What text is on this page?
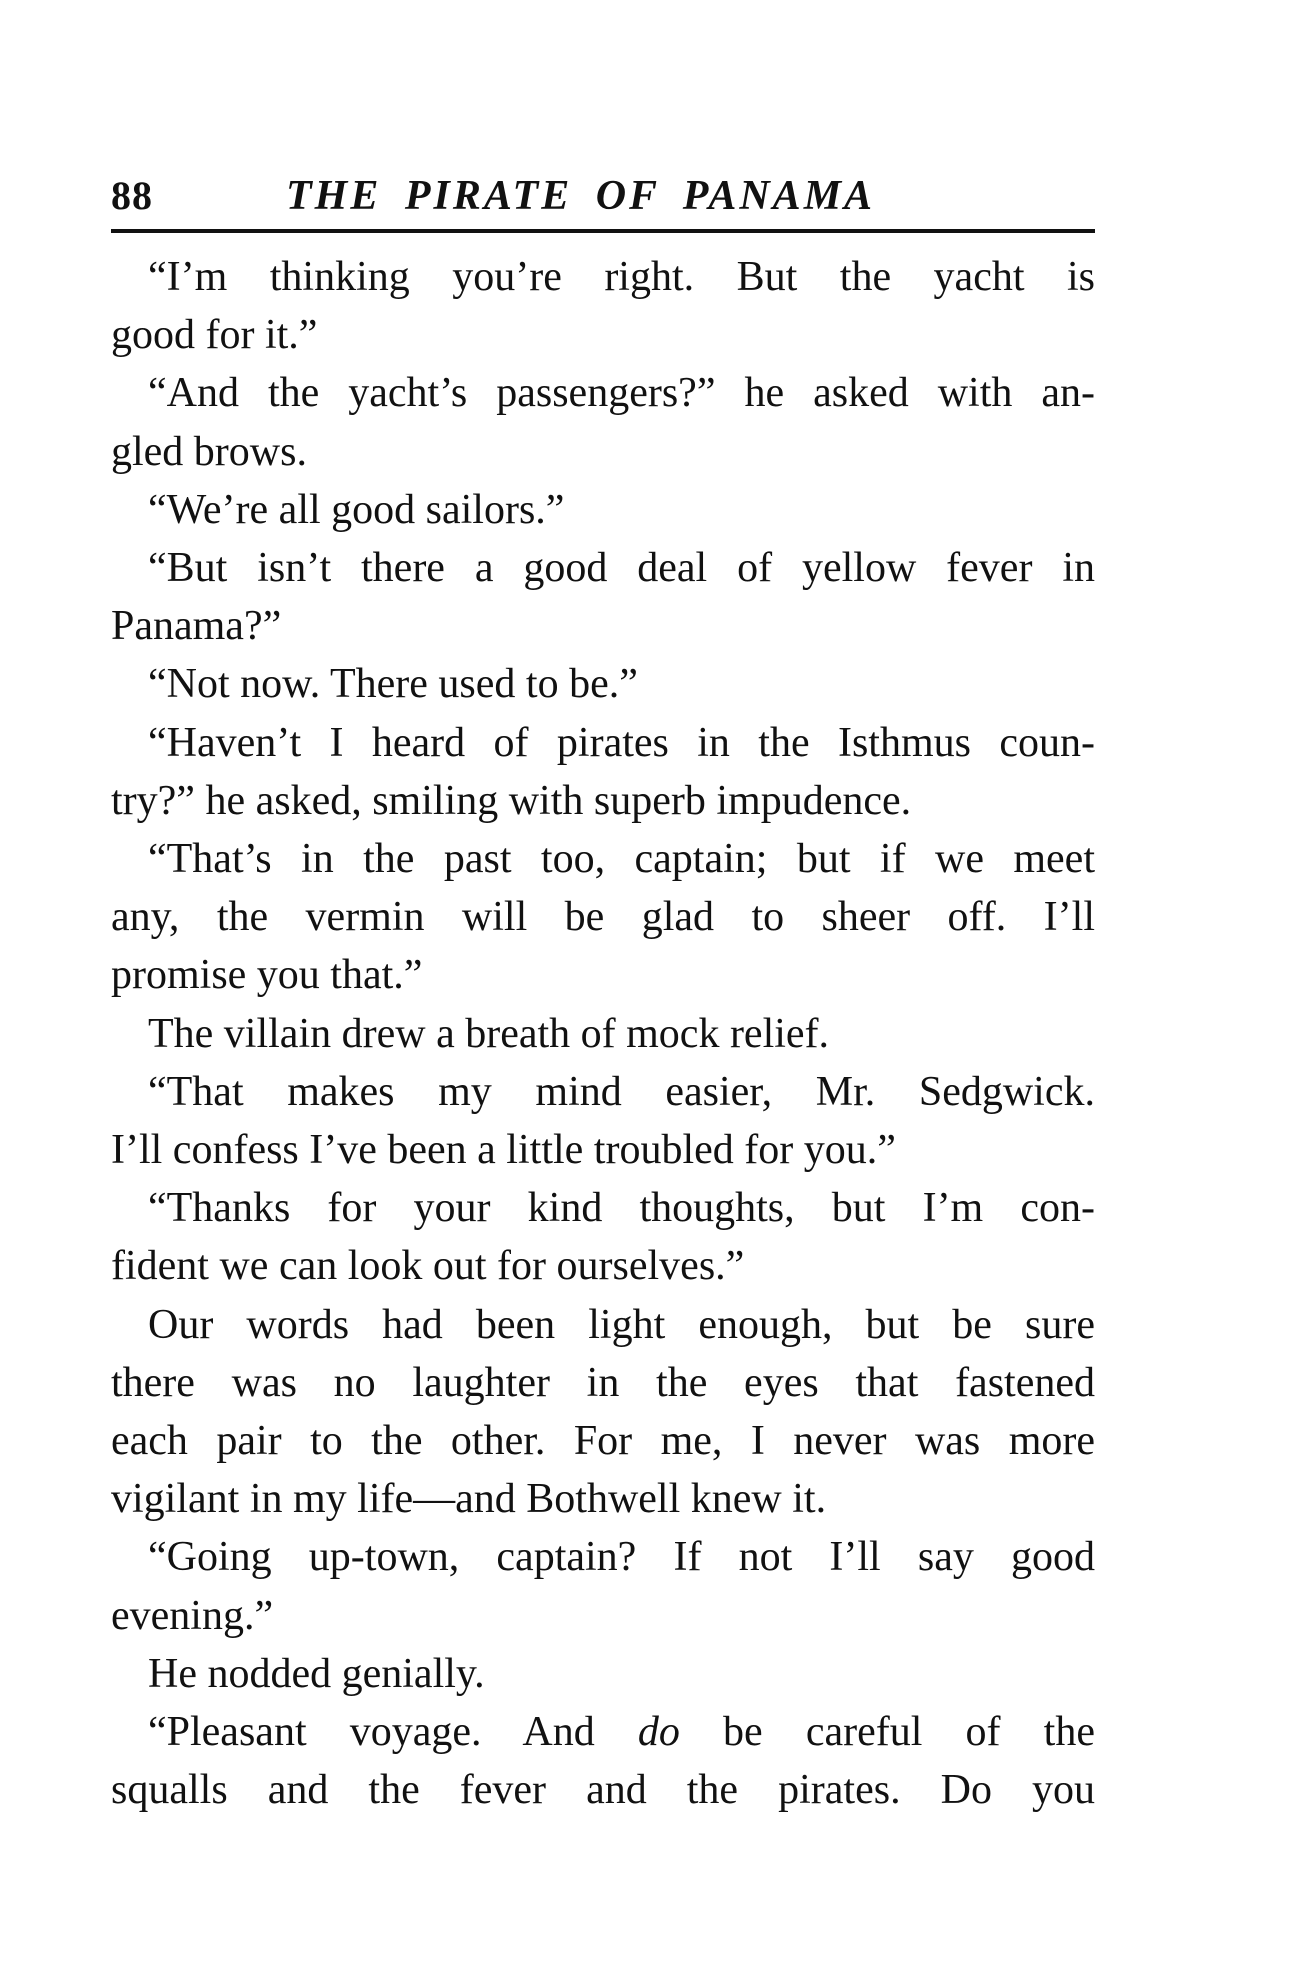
88	THE PIRATE OF PANAMA
“I’m thinking you’re right. But the yacht is
good for it.”
“And the yacht’s passengers?” he asked with an-
gled brows.
“We’re all good sailors.”
“But isn’t there a good deal of yellow fever in
Panama?”
“Not now. There used to be.”
“Haven’t I heard of pirates in the Isthmus coun-
try?” he asked, smiling with superb impudence.
“That’s in the past too, captain; but if we meet
any, the vermin will be glad to sheer off. I’ll
promise you that.”
The villain drew a breath of mock relief.
“That makes my mind easier, Mr. Sedgwick.
I’ll confess I’ve been a little troubled for you.”
“Thanks for your kind thoughts, but I’m con-
fident we can look out for ourselves.”
Our words had been light enough, but be sure
there was no laughter in the eyes that fastened
each pair to the other. For me, I never was more
vigilant in my life—and Bothwell knew it.
“Going up-town, captain? If not I’ll say good
evening.”
He nodded genially.
“Pleasant voyage. And do be careful of the
squalls and the fever and the pirates. Do you
